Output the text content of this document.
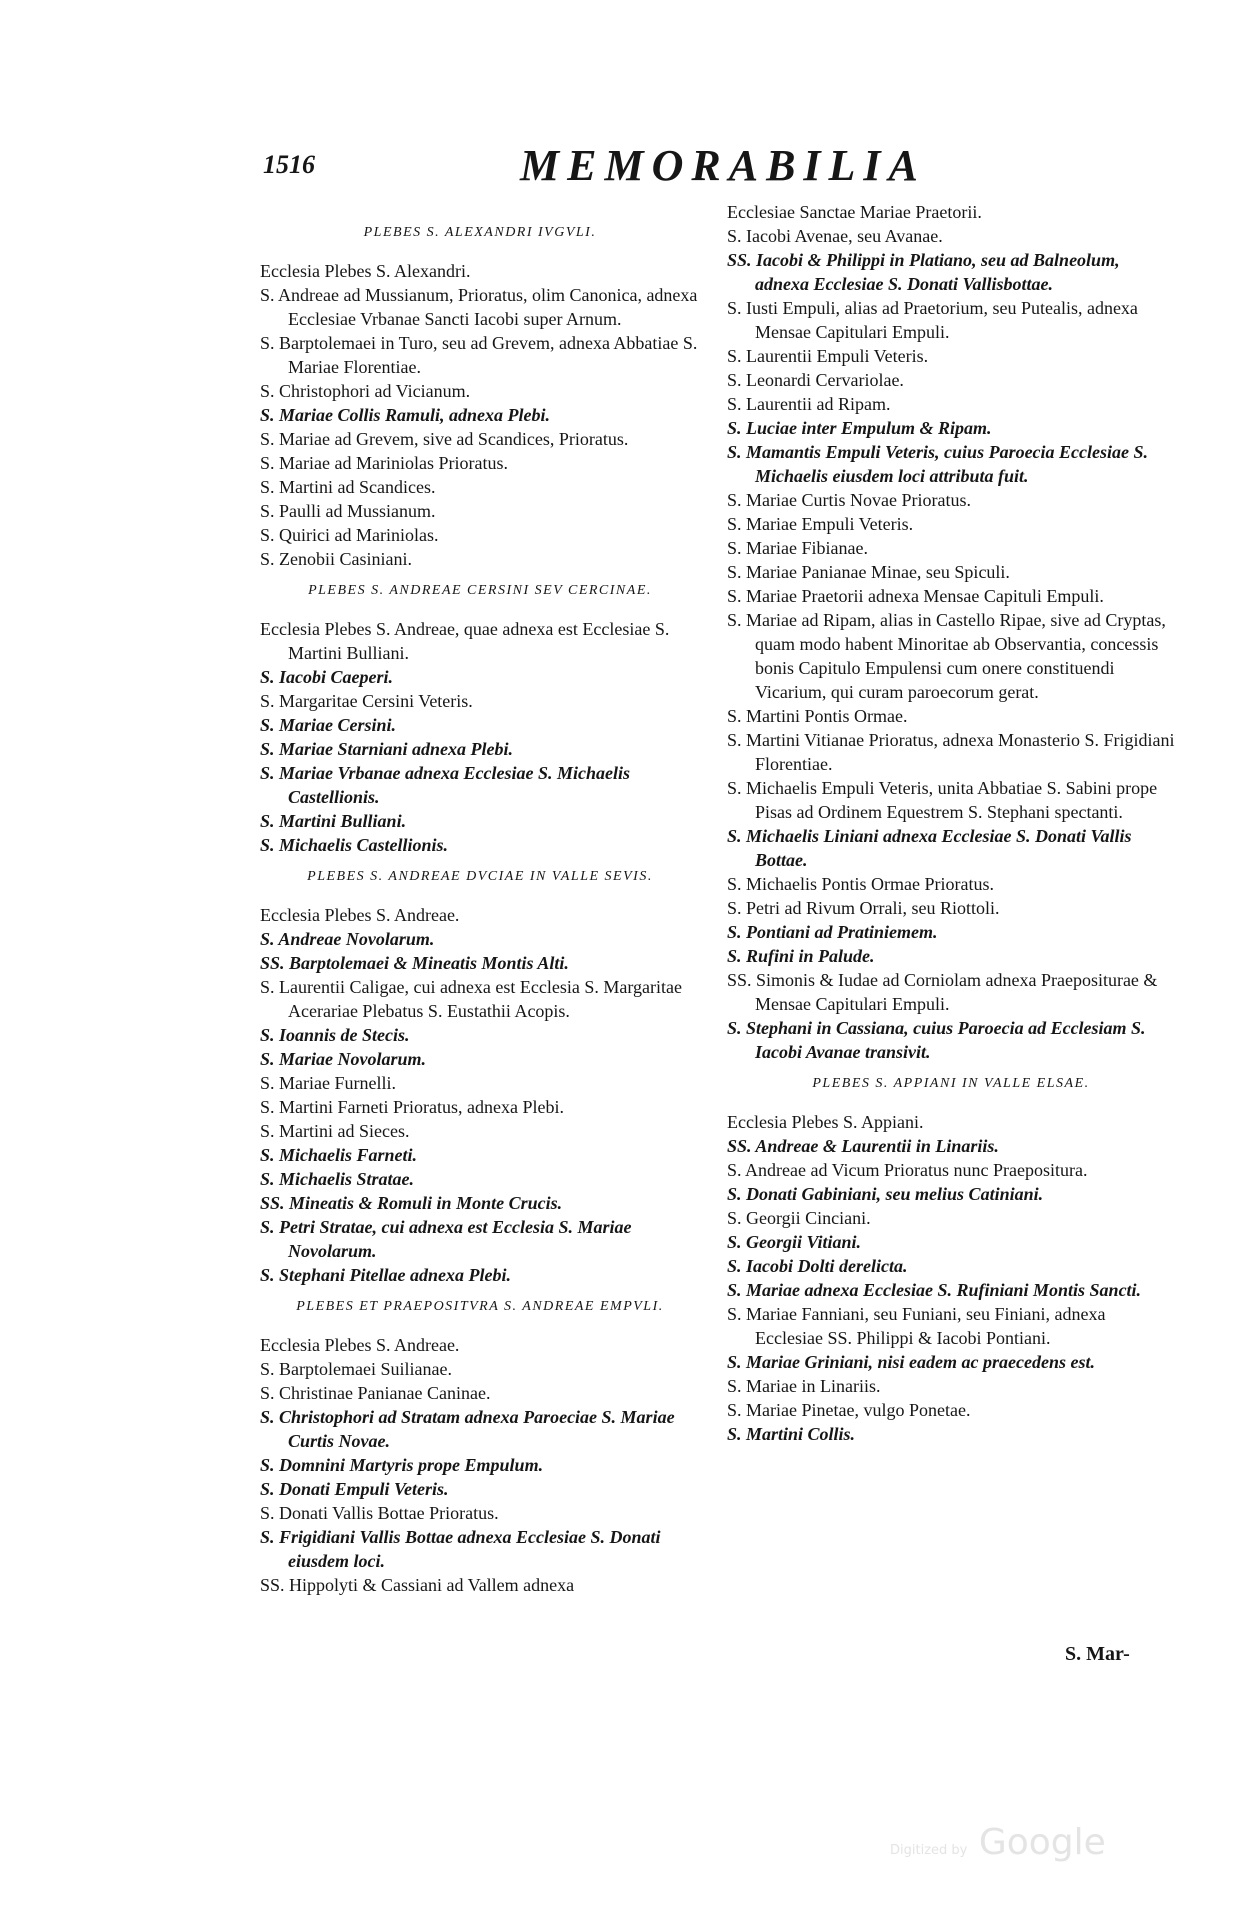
1516	MEMORABILIA
PLEBES S. ALEXANDRI IVGVLI.

Ecclesia Plebes S. Alexandri.

S. Andreae ad Mussianum, Prioratus, olim Canonica, adnexa Ecclesiae Vrbanae Sancti Iacobi super Arnum.

S. Barptolemaei in Turo, seu ad Grevem, adnexa Abbatiae S. Mariae Florentiae.

S. Christophori ad Vicianum.

S. Mariae Collis Ramuli, adnexa Plebi.

S. Mariae ad Grevem, sive ad Scandices, Prioratus.

S. Mariae ad Mariniolas Prioratus.

S. Martini ad Scandices.

S. Paulli ad Mussianum.

S. Quirici ad Mariniolas.

S. Zenobii Casiniani.

PLEBES S. ANDREAE CERSINI SEV CERCINAE.

Ecclesia Plebes S. Andreae, quae adnexa est Ecclesiae S. Martini Bulliani.

S. Iacobi Caeperi.

S. Margaritae Cersini Veteris.

S. Mariae Cersini.

S. Mariae Starniani adnexa Plebi.

S. Mariae Vrbanae adnexa Ecclesiae S. Michaelis Castellionis.

S. Martini Bulliani.

S. Michaelis Castellionis.

PLEBES S. ANDREAE DVCIAE IN VALLE SEVIS.

Ecclesia Plebes S. Andreae.

S. Andreae Novolarum.

SS. Barptolemaei & Mineatis Montis Alti.

S. Laurentii Caligae, cui adnexa est Ecclesia S. Margaritae Acerariae Plebatus S. Eustathii Acopis.

S. Ioannis de Stecis.

S. Mariae Novolarum.

S. Mariae Furnelli.

S. Martini Farneti Prioratus, adnexa Plebi.

S. Martini ad Sieces.

S. Michaelis Farneti.

S. Michaelis Stratae.

SS. Mineatis & Romuli in Monte Crucis.

S. Petri Stratae, cui adnexa est Ecclesia S. Mariae Novolarum.

S. Stephani Pitellae adnexa Plebi.

PLEBES ET PRAEPOSITVRA S. ANDREAE EMPVLI.

Ecclesia Plebes S. Andreae.

S. Barptolemaei Suilianae.

S. Christinae Panianae Caninae.

S. Christophori ad Stratam adnexa Paroeciae S. Mariae Curtis Novae.

S. Domnini Martyris prope Empulum.

S. Donati Empuli Veteris.

S. Donati Vallis Bottae Prioratus.

S. Frigidiani Vallis Bottae adnexa Ecclesiae S. Donati eiusdem loci.

SS. Hippolyti & Cassiani ad Vallem adnexa

Ecclesiae Sanctae Mariae Praetorii.

S. Iacobi Avenae, seu Avanae.

SS. Iacobi & Philippi in Platiano, seu ad Balneolum, adnexa Ecclesiae S. Donati Vallisbottae.

S. Iusti Empuli, alias ad Praetorium, seu Putealis, adnexa Mensae Capitulari Empuli.

S. Laurentii Empuli Veteris.

S. Leonardi Cervariolae.

S. Laurentii ad Ripam.

S. Luciae inter Empulum & Ripam.

S. Mamantis Empuli Veteris, cuius Paroecia Ecclesiae S. Michaelis eiusdem loci attributa fuit.

S. Mariae Curtis Novae Prioratus.

S. Mariae Empuli Veteris.

S. Mariae Fibianae.

S. Mariae Panianae Minae, seu Spiculi.

S. Mariae Praetorii adnexa Mensae Capituli Empuli.

S. Mariae ad Ripam, alias in Castello Ripae, sive ad Cryptas, quam modo habent Minoritae ab Observantia, concessis bonis Capitulo Empulensi cum onere constituendi Vicarium, qui curam paroecorum gerat.

S. Martini Pontis Ormae.

S. Martini Vitianae Prioratus, adnexa Monasterio S. Frigidiani Florentiae.

S. Michaelis Empuli Veteris, unita Abbatiae S. Sabini prope Pisas ad Ordinem Equestrem S. Stephani spectanti.

S. Michaelis Liniani adnexa Ecclesiae S. Donati Vallis Bottae.

S. Michaelis Pontis Ormae Prioratus.

S. Petri ad Rivum Orrali, seu Riottoli.

S. Pontiani ad Pratiniemem.

S. Rufini in Palude.

SS. Simonis & Iudae ad Corniolam adnexa Praepositurae & Mensae Capitulari Empuli.

S. Stephani in Cassiana, cuius Paroecia ad Ecclesiam S. Iacobi Avanae transivit.

PLEBES S. APPIANI IN VALLE ELSAE.

Ecclesia Plebes S. Appiani.

SS. Andreae & Laurentii in Linariis.

S. Andreae ad Vicum Prioratus nunc Praepositura.

S. Donati Gabiniani, seu melius Catiniani.

S. Georgii Cinciani.

S. Georgii Vitiani.

S. Iacobi Dolti derelicta.

S. Mariae adnexa Ecclesiae S. Rufiniani Montis Sancti.

S. Mariae Fanniani, seu Funiani, seu Finiani, adnexa Ecclesiae SS. Philippi & Iacobi Pontiani.

S. Mariae Griniani, nisi eadem ac praecedens est.

S. Mariae in Linariis.

S. Mariae Pinetae, vulgo Ponetae.

S. Martini Collis.

S. Mar-
Digitized by Google
